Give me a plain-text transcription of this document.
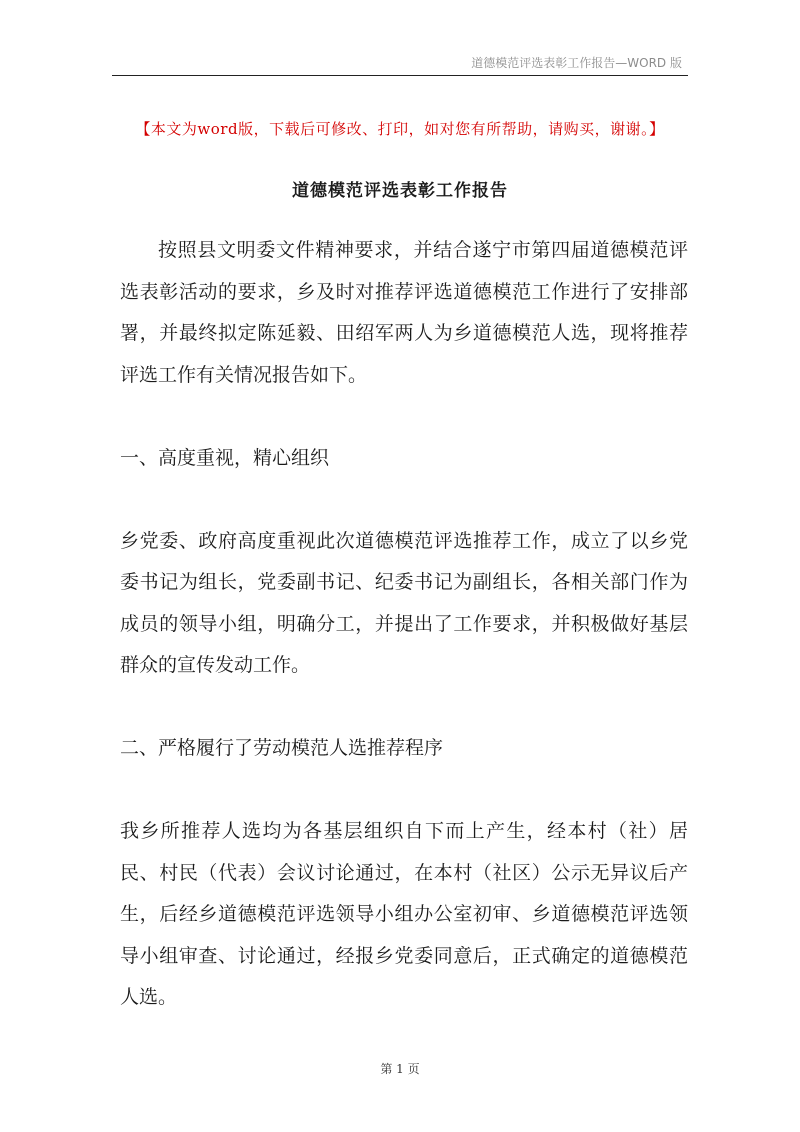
道德模范评选表彰工作报告—WORD 版
【本文为word版，下载后可修改、打印，如对您有所帮助，请购买，谢谢。】
道德模范评选表彰工作报告

按照县文明委文件精神要求，并结合遂宁市第四届道德模范评选表彰活动的要求，乡及时对推荐评选道德模范工作进行了安排部署，并最终拟定陈延毅、田绍军两人为乡道德模范人选，现将推荐评选工作有关情况报告如下。

一、高度重视，精心组织

乡党委、政府高度重视此次道德模范评选推荐工作，成立了以乡党委书记为组长，党委副书记、纪委书记为副组长，各相关部门作为成员的领导小组，明确分工，并提出了工作要求，并积极做好基层群众的宣传发动工作。

二、严格履行了劳动模范人选推荐程序

我乡所推荐人选均为各基层组织自下而上产生，经本村（社）居民、村民（代表）会议讨论通过，在本村（社区）公示无异议后产生，后经乡道德模范评选领导小组办公室初审、乡道德模范评选领导小组审查、讨论通过，经报乡党委同意后，正式确定的道德模范人选。

第 1 页
